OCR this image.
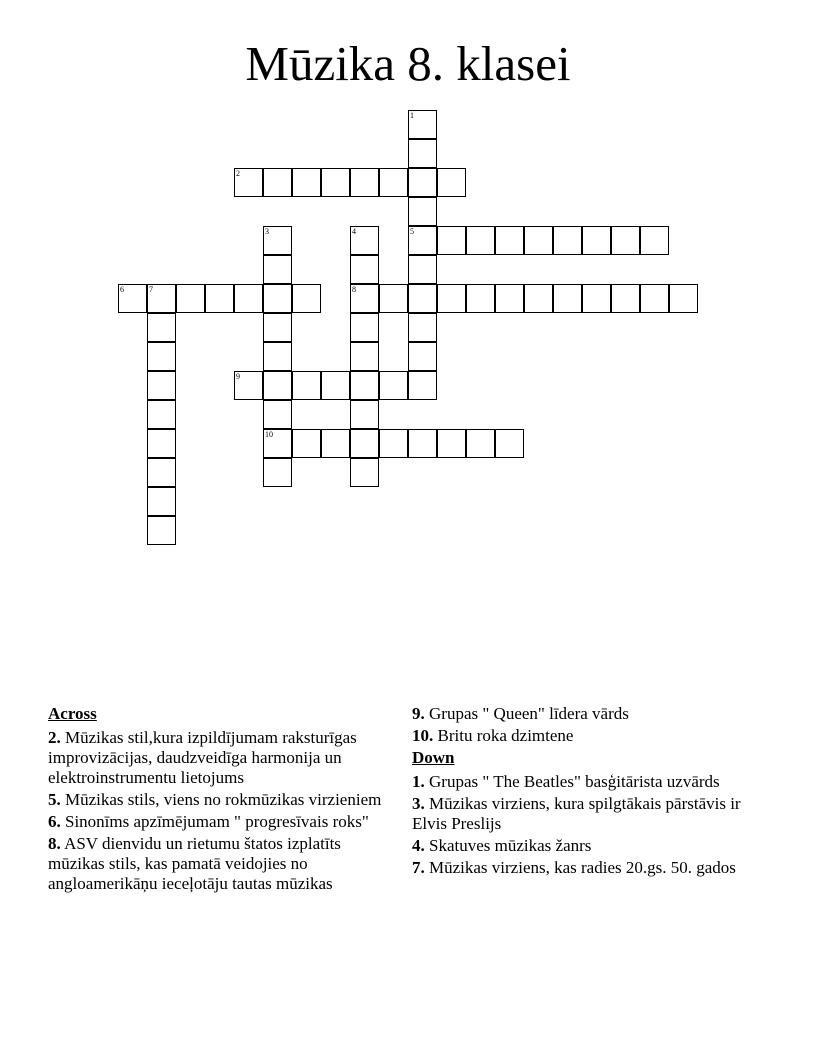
Mūzika 8. klasei
1
5
2
3
10
4
8
6	7
9
Across
2. Mūzikas stil,kura izpildījumam raksturīgas improvizācijas, daudzveidīga harmonija un elektroinstrumentu lietojums
5. Mūzikas stils, viens no rokmūzikas virzieniem
6. Sinonīms apzīmējumam " progresīvais roks"
8. ASV dienvidu un rietumu štatos izplatīts mūzikas stils, kas pamatā veidojies no angloamerikāņu ieceļotāju tautas mūzikas
9. Grupas " Queen" līdera vārds
10. Britu roka dzimtene
Down
1. Grupas " The Beatles" basģitārista uzvārds
3. Mūzikas virziens, kura spilgtākais pārstāvis ir Elvis Preslijs
4. Skatuves mūzikas žanrs
7. Mūzikas virziens, kas radies 20.gs. 50. gados
